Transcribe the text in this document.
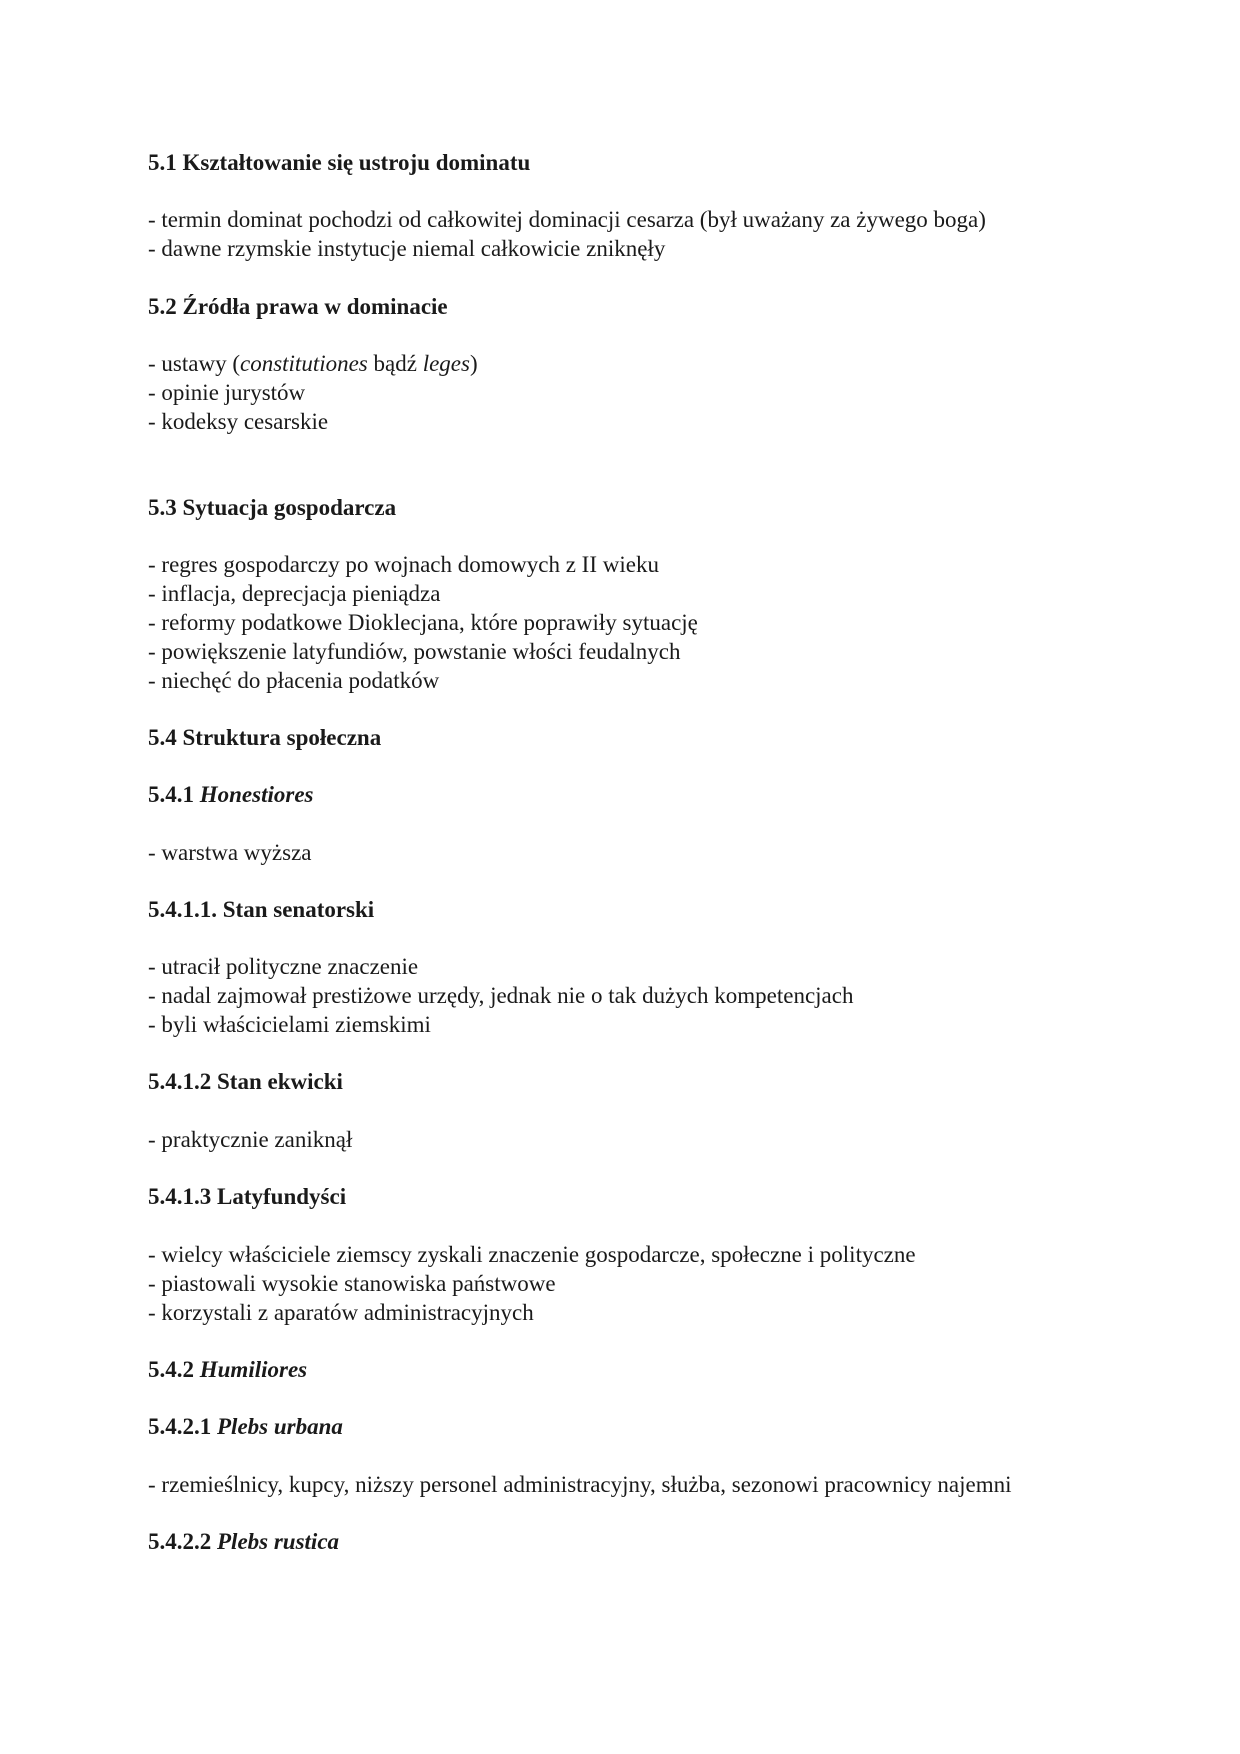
5.1 Kształtowanie się ustroju dominatu
- termin dominat pochodzi od całkowitej dominacji cesarza (był uważany za żywego boga)
- dawne rzymskie instytucje niemal całkowicie zniknęły
5.2 Źródła prawa w dominacie
- ustawy (constitutiones bądź leges)
- opinie jurystów
- kodeksy cesarskie
5.3 Sytuacja gospodarcza
- regres gospodarczy po wojnach domowych z II wieku
- inflacja, deprecjacja pieniądza
- reformy podatkowe Dioklecjana, które poprawiły sytuację
- powiększenie latyfundiów, powstanie włości feudalnych
- niechęć do płacenia podatków
5.4 Struktura społeczna
5.4.1 Honestiores
- warstwa wyższa
5.4.1.1. Stan senatorski
- utracił polityczne znaczenie
- nadal zajmował prestiżowe urzędy, jednak nie o tak dużych kompetencjach
- byli właścicielami ziemskimi
5.4.1.2 Stan ekwicki
- praktycznie zaniknął
5.4.1.3 Latyfundyści
- wielcy właściciele ziemscy zyskali znaczenie gospodarcze, społeczne i polityczne
- piastowali wysokie stanowiska państwowe
- korzystali z aparatów administracyjnych
5.4.2 Humiliores
5.4.2.1 Plebs urbana
- rzemieślnicy, kupcy, niższy personel administracyjny, służba, sezonowi pracownicy najemni
5.4.2.2 Plebs rustica
